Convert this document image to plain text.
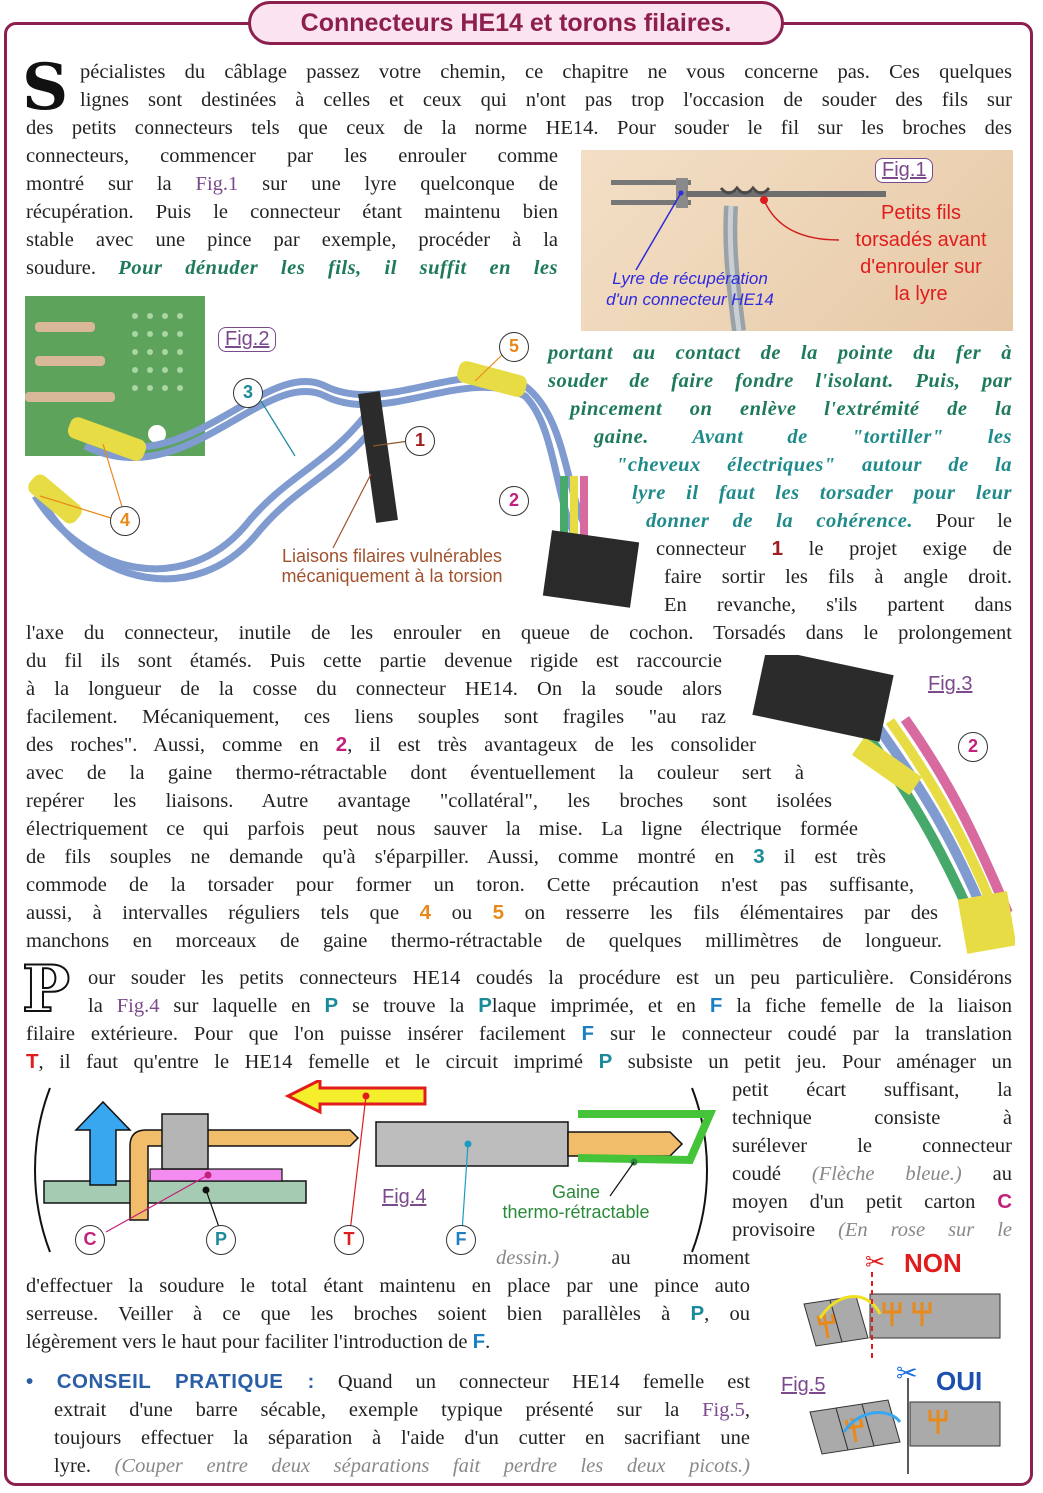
Connecteurs HE14 et torons filaires.
S pécialistes du câblage passez votre chemin, ce chapitre ne vous concerne pas. Ces quelques
lignes sont destinées à celles et ceux qui n'ont pas trop l'occasion de souder des fils sur
des petits connecteurs tels que ceux de la norme HE14. Pour souder le fil sur les broches des
connecteurs, commencer par les enrouler comme
montré sur la Fig.1 sur une lyre quelconque de
récupération. Puis le connecteur étant maintenu bien
stable avec une pince par exemple, procéder à la
soudure. Pour dénuder les fils, il suffit en les
Fig.1
Petits fils
torsadés avant
d'enrouler sur
la lyre
Lyre de récupération
d'un connecteur HE14
Fig.2
1
2
3
4
5
Liaisons filaires vulnérables
mécaniquement à la torsion
portant au contact de la pointe du fer à
souder de faire fondre l'isolant. Puis, par
pincement on enlève l'extrémité de la
gaine. Avant de "tortiller" les
"cheveux électriques" autour de la
lyre il faut les torsader pour leur
donner de la cohérence. Pour le
connecteur 1 le projet exige de
faire sortir les fils à angle droit.
En revanche, s'ils partent dans
l'axe du connecteur, inutile de les enrouler en queue de cochon. Torsadés dans le prolongement
du fil ils sont étamés. Puis cette partie devenue rigide est raccourcie
à la longueur de la cosse du connecteur HE14. On la soude alors
facilement. Mécaniquement, ces liens souples sont fragiles "au raz
des roches". Aussi, comme en 2, il est très avantageux de les consolider
avec de la gaine thermo-rétractable dont éventuellement la couleur sert à
repérer les liaisons. Autre avantage "collatéral", les broches sont isolées
électriquement ce qui parfois peut nous sauver la mise. La ligne électrique formée
de fils souples ne demande qu'à s'éparpiller. Aussi, comme montré en 3 il est très
commode de la torsader pour former un toron. Cette précaution n'est pas suffisante,
aussi, à intervalles réguliers tels que 4 ou 5 on resserre les fils élémentaires par des
manchons en morceaux de gaine thermo-rétractable de quelques millimètres de longueur.
Fig.3
2
P our souder les petits connecteurs HE14 coudés la procédure est un peu particulière. Considérons
la Fig.4 sur laquelle en P se trouve la Plaque imprimée, et en F la fiche femelle de la liaison
filaire extérieure. Pour que l'on puisse insérer facilement F sur le connecteur coudé par la translation
T, il faut qu'entre le HE14 femelle et le circuit imprimé P subsiste un petit jeu. Pour aménager un
C	P	T	F
Fig.4	Gaine
thermo-rétractable
petit écart suffisant, la
technique consiste à
surélever le connecteur
coudé (Flèche bleue.) au
moyen d'un petit carton C
provisoire (En rose sur le
dessin.)	au moment
d'effectuer la soudure le total étant maintenu en place par une pince auto
serreuse. Veiller à ce que les broches soient bien parallèles à P, ou
légèrement vers le haut pour faciliter l'introduction de F.
• CONSEIL PRATIQUE : Quand un connecteur HE14 femelle est
extrait d'une barre sécable, exemple typique présenté sur la Fig.5,
toujours effectuer la séparation à l'aide d'un cutter en sacrifiant une
lyre. (Couper entre deux séparations fait perdre les deux picots.)
✂
✂
NON
OUI
Fig.5
